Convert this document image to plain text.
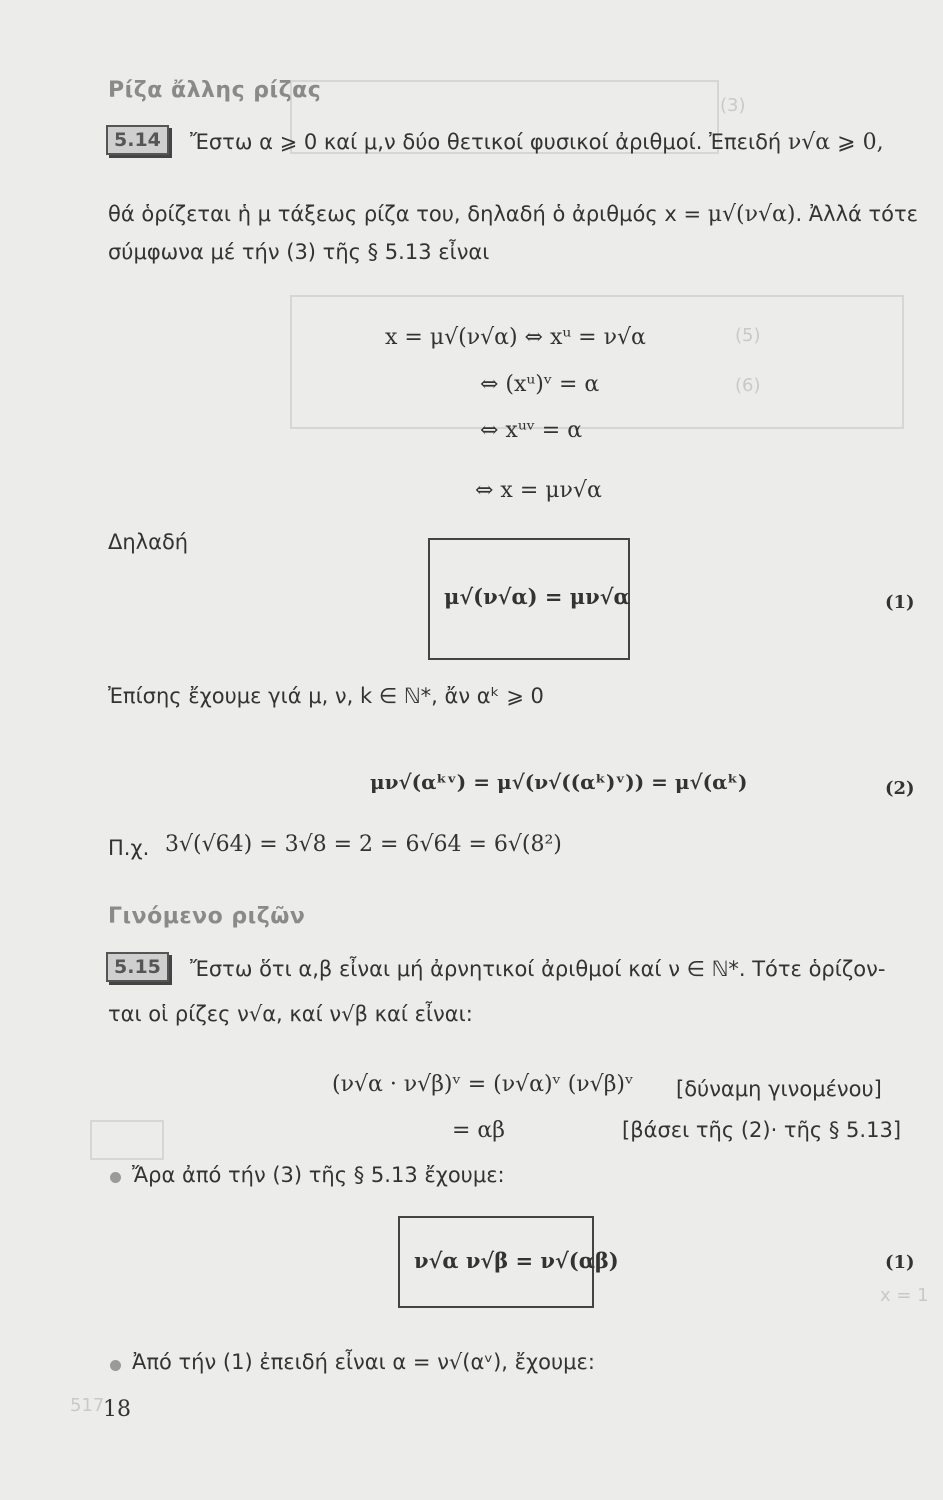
(3)
(5)
(6)
x = 1
517
Ρίζα ἄλλης ρίζας
5.14	Ἔστω α ⩾ 0 καί μ,ν δύο θετικοί φυσικοί ἀριθμοί. Ἐπειδή ν√α ⩾ 0,
θά ὁρίζεται ἡ μ τάξεως ρίζα του, δηλαδή ὁ ἀριθμός x = μ√(ν√α). Ἀλλά τότε
σύμφωνα μέ τήν (3) τῆς § 5.13 εἶναι
x = μ√(ν√α) ⇔ xᵘ = ν√α
⇔ (xᵘ)ᵛ = α
⇔ xᵘᵛ = α
⇔ x = μν√α
Δηλαδή
μ√(ν√α) = μν√α	(1)
Ἐπίσης ἔχουμε γιά μ, ν, k ∈ ℕ*, ἄν αᵏ ⩾ 0
μν√(αᵏᵛ) = μ√(ν√((αᵏ)ᵛ)) = μ√(αᵏ)	(2)
Π.χ. 3√(√64) = 3√8 = 2 = 6√64 = 6√(8²)
Γινόμενο ριζῶν
5.15	Ἔστω ὅτι α,β εἶναι μή ἀρνητικοί ἀριθμοί καί ν ∈ ℕ*. Τότε ὁρίζον-
ται οἱ ρίζες ν√α, καί ν√β καί εἶναι:
(ν√α · ν√β)ᵛ = (ν√α)ᵛ (ν√β)ᵛ [δύναμη γινομένου]
= αβ	[βάσει τῆς (2)· τῆς § 5.13]
Ἄρα ἀπό τήν (3) τῆς § 5.13 ἔχουμε:
ν√α ν√β = ν√(αβ)	(1)
Ἀπό τήν (1) ἐπειδή εἶναι α = ν√(αᵛ), ἔχουμε:
18
